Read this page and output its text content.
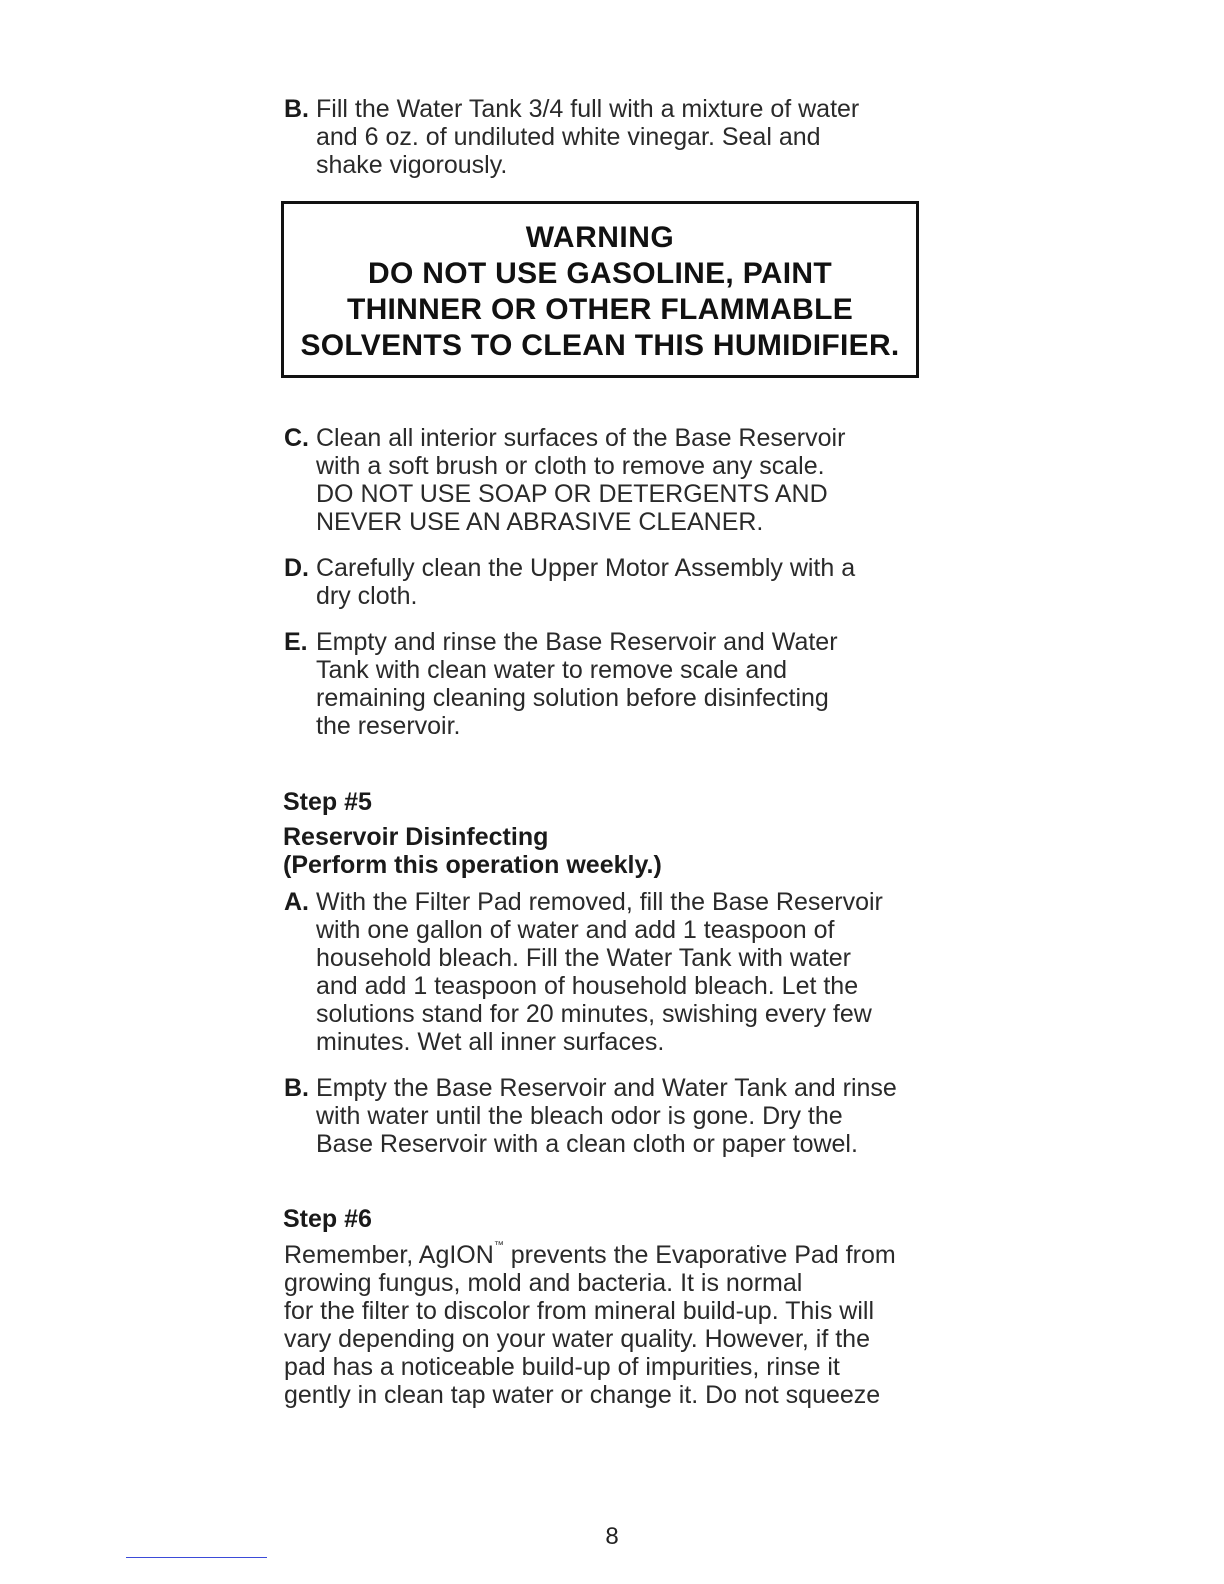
B. Fill the Water Tank 3/4 full with a mixture of water
and 6 oz. of undiluted white vinegar. Seal and
shake vigorously.
WARNING
DO NOT USE GASOLINE, PAINT
THINNER OR OTHER FLAMMABLE
SOLVENTS TO CLEAN THIS HUMIDIFIER.
C. Clean all interior surfaces of the Base Reservoir
with a soft brush or cloth to remove any scale.
DO NOT USE SOAP OR DETERGENTS AND
NEVER USE AN ABRASIVE CLEANER.
D. Carefully clean the Upper Motor Assembly with a
dry cloth.
E. Empty and rinse the Base Reservoir and Water
Tank with clean water to remove scale and
remaining cleaning solution before disinfecting
the reservoir.
Step #5
Reservoir Disinfecting
(Perform this operation weekly.)
A. With the Filter Pad removed, fill the Base Reservoir
with one gallon of water and add 1 teaspoon of
household bleach. Fill the Water Tank with water
and add 1 teaspoon of household bleach. Let the
solutions stand for 20 minutes, swishing every few
minutes. Wet all inner surfaces.
B. Empty the Base Reservoir and Water Tank and rinse
with water until the bleach odor is gone. Dry the
Base Reservoir with a clean cloth or paper towel.
Step #6
Remember, AgION™ prevents the Evaporative Pad from
growing fungus, mold and bacteria. It is normal
for the filter to discolor from mineral build-up. This will
vary depending on your water quality. However, if the
pad has a noticeable build-up of impurities, rinse it
gently in clean tap water or change it. Do not squeeze
8
